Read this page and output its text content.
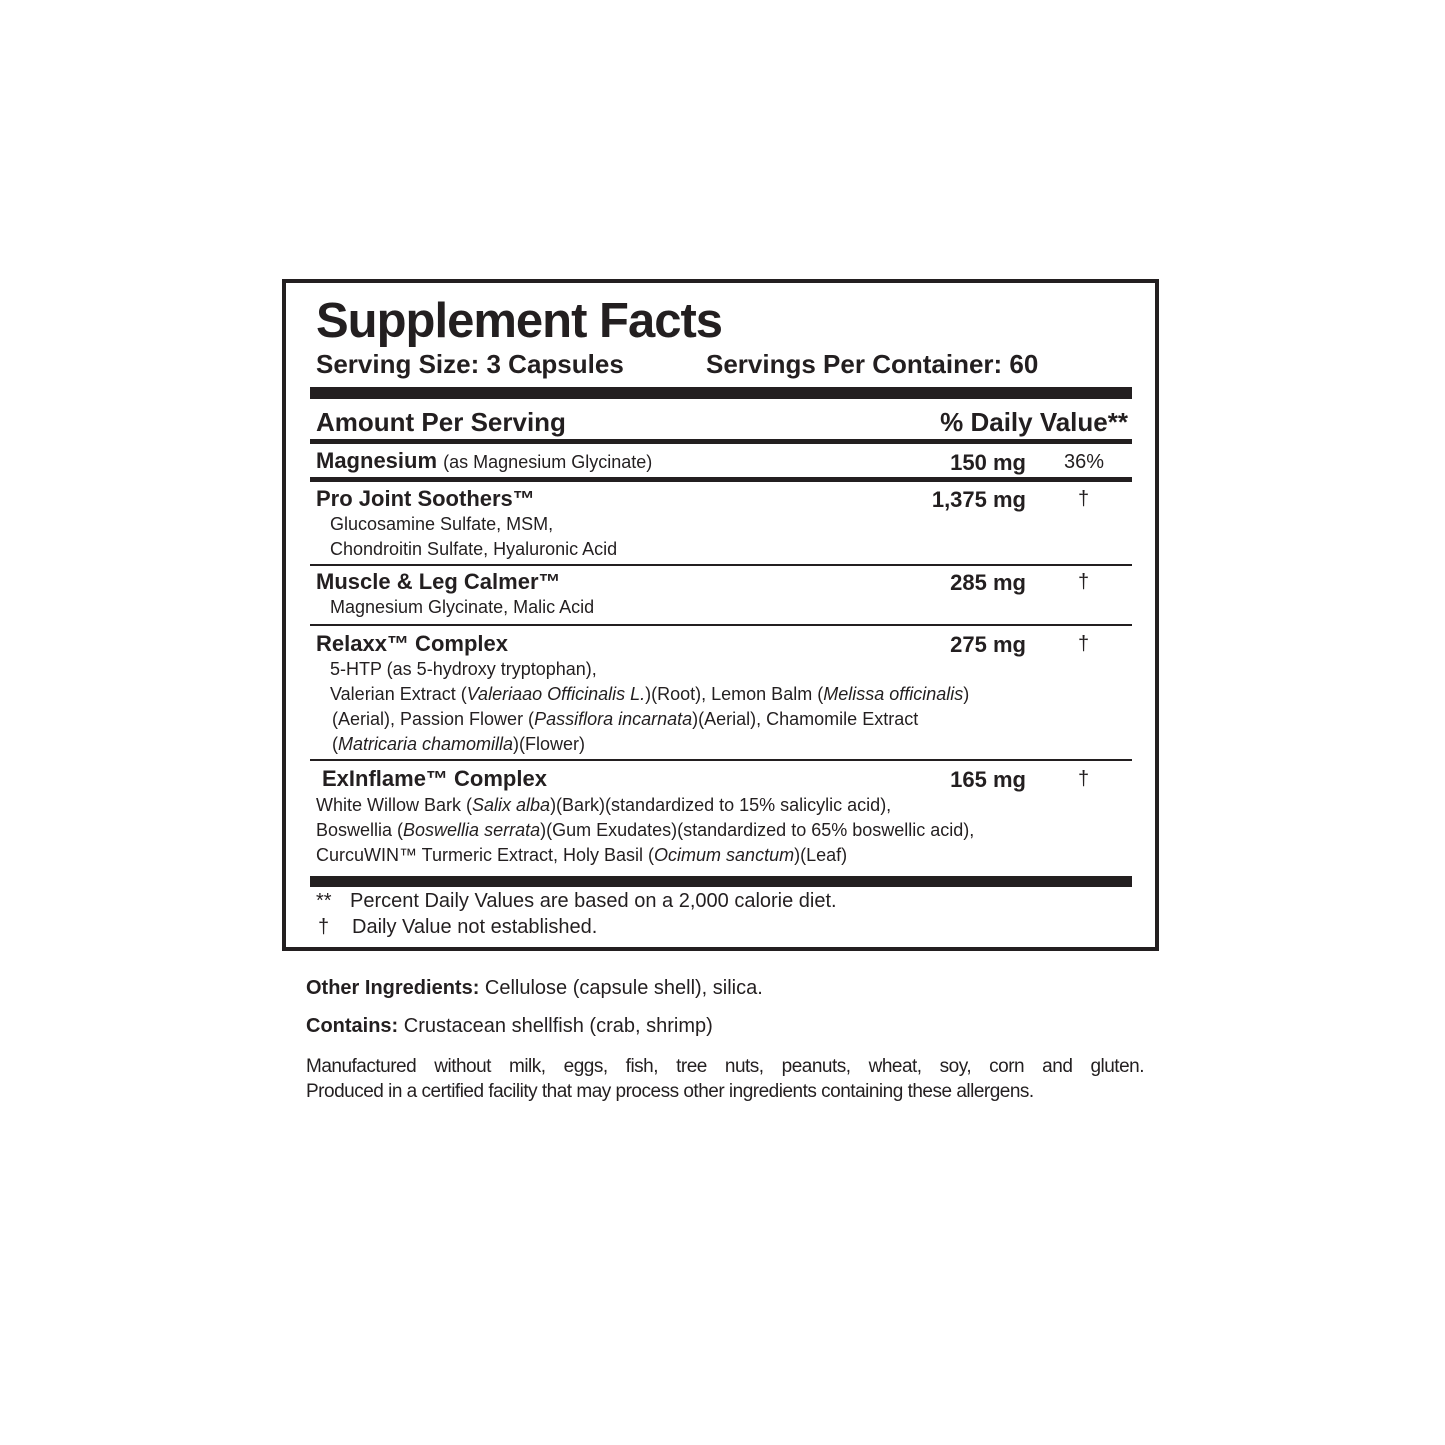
Supplement Facts
Serving Size: 3 Capsules	Servings Per Container: 60
Amount Per Serving	% Daily Value**
Magnesium (as Magnesium Glycinate)	150 mg 36%
Pro Joint Soothers™	1,375 mg	†
Glucosamine Sulfate, MSM,
Chondroitin Sulfate, Hyaluronic Acid
Muscle & Leg Calmer™	285 mg	†
Magnesium Glycinate, Malic Acid
Relaxx™ Complex	275 mg	†
5-HTP (as 5-hydroxy tryptophan),
Valerian Extract (Valeriaao Officinalis L.)(Root), Lemon Balm (Melissa officinalis)
(Aerial), Passion Flower (Passiflora incarnata)(Aerial), Chamomile Extract
(Matricaria chamomilla)(Flower)
ExInflame™ Complex	165 mg	†
White Willow Bark (Salix alba)(Bark)(standardized to 15% salicylic acid),
Boswellia (Boswellia serrata)(Gum Exudates)(standardized to 65% boswellic acid),
CurcuWIN™ Turmeric Extract, Holy Basil (Ocimum sanctum)(Leaf)
** Percent Daily Values are based on a 2,000 calorie diet.
† Daily Value not established.
Other Ingredients: Cellulose (capsule shell), silica.
Contains: Crustacean shellfish (crab, shrimp)
Manufactured without milk, eggs, fish, tree nuts, peanuts, wheat, soy, corn and gluten.
Produced in a certified facility that may process other ingredients containing these allergens.
